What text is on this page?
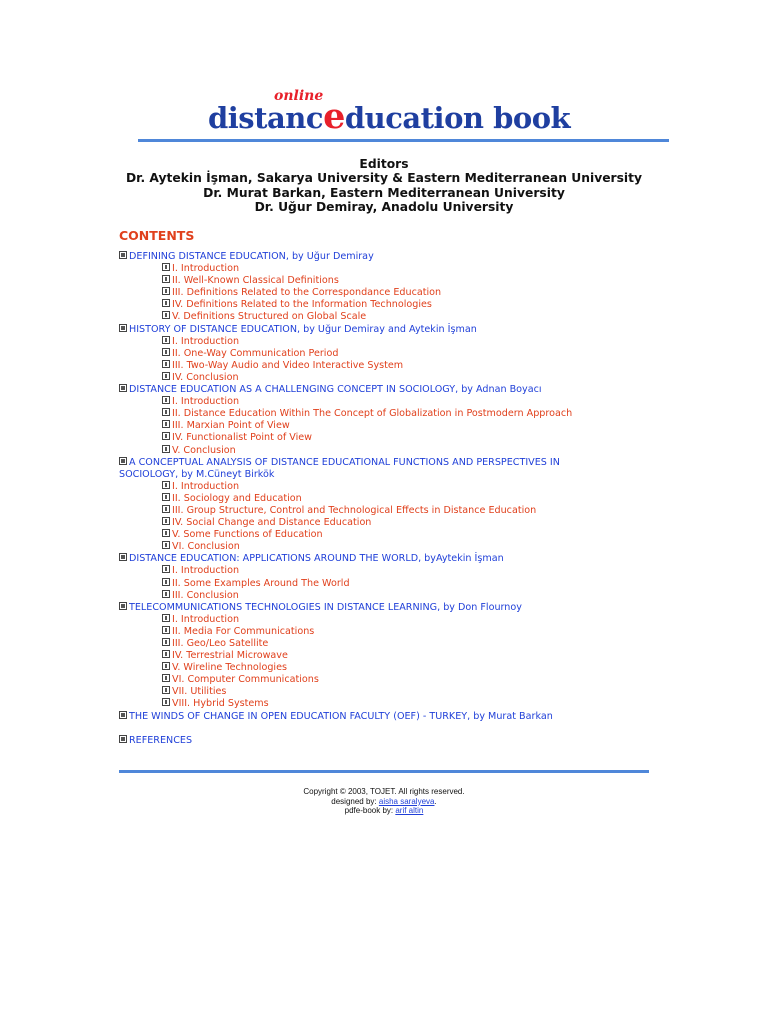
online
distanceducation book
Editors
Dr. Aytekin İşman, Sakarya University & Eastern Mediterranean University
Dr. Murat Barkan, Eastern Mediterranean University
Dr. Uğur Demiray, Anadolu University
CONTENTS
DEFINING DISTANCE EDUCATION, by Uğur Demiray
I. Introduction
II. Well-Known Classical Definitions
III. Definitions Related to the Correspondance Education
IV. Definitions Related to the Information Technologies
V. Definitions Structured on Global Scale
HISTORY OF DISTANCE EDUCATION, by Uğur Demiray and Aytekin İşman
I. Introduction
II. One-Way Communication Period
III. Two-Way Audio and Video Interactive System
IV. Conclusion
DISTANCE EDUCATION AS A CHALLENGING CONCEPT IN SOCIOLOGY, by Adnan Boyacı
I. Introduction
II. Distance Education Within The Concept of Globalization in Postmodern Approach
III. Marxian Point of View
IV. Functionalist Point of View
V. Conclusion
A CONCEPTUAL ANALYSIS OF DISTANCE EDUCATIONAL FUNCTIONS AND PERSPECTIVES IN SOCIOLOGY, by M.Cüneyt Birkök
I. Introduction
II. Sociology and Education
III. Group Structure, Control and Technological Effects in Distance Education
IV. Social Change and Distance Education
V. Some Functions of Education
VI. Conclusion
DISTANCE EDUCATION: APPLICATIONS AROUND THE WORLD, byAytekin İşman
I. Introduction
II. Some Examples Around The World
III. Conclusion
TELECOMMUNICATIONS TECHNOLOGIES IN DISTANCE LEARNING, by Don Flournoy
I. Introduction
II. Media For Communications
III. Geo/Leo Satellite
IV. Terrestrial Microwave
V. Wireline Technologies
VI. Computer Communications
VII. Utilities
VIII. Hybrid Systems
THE WINDS OF CHANGE IN OPEN EDUCATION FACULTY (OEF) - TURKEY, by Murat Barkan
REFERENCES
Copyright © 2003, TOJET. All rights reserved.
designed by: aisha saralyeva.
pdfe-book by: arif altin
